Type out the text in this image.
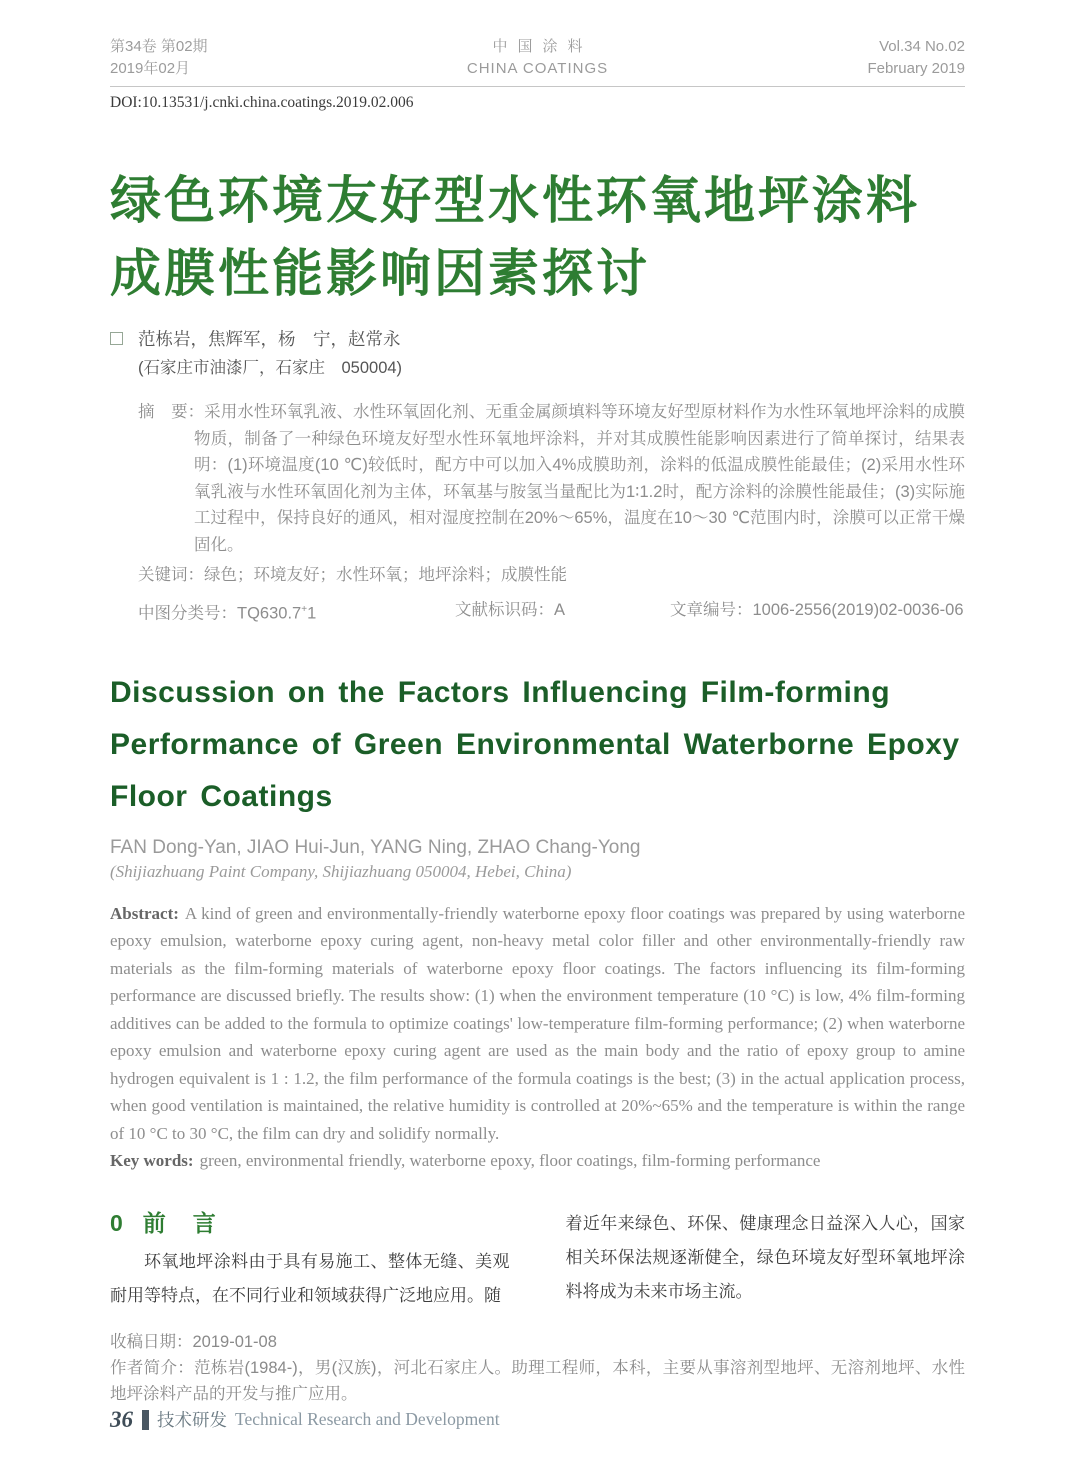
第34卷 第02期
2019年02月
中国涂料
CHINA COATINGS
Vol.34 No.02
February 2019
DOI:10.13531/j.cnki.china.coatings.2019.02.006
绿色环境友好型水性环氧地坪涂料
成膜性能影响因素探讨
范栋岩，焦辉军，杨　宁，赵常永
(石家庄市油漆厂，石家庄　050004)

摘　要：采用水性环氧乳液、水性环氧固化剂、无重金属颜填料等环境友好型原材料作为水性环氧地坪涂料的成膜物质，制备了一种绿色环境友好型水性环氧地坪涂料，并对其成膜性能影响因素进行了简单探讨，结果表明：(1)环境温度(10 ℃)较低时，配方中可以加入4%成膜助剂，涂料的低温成膜性能最佳；(2)采用水性环氧乳液与水性环氧固化剂为主体，环氧基与胺氢当量配比为1∶1.2时，配方涂料的涂膜性能最佳；(3)实际施工过程中，保持良好的通风，相对湿度控制在20%～65%，温度在10～30 ℃范围内时，涂膜可以正常干燥固化。

关键词：绿色；环境友好；水性环氧；地坪涂料；成膜性能

中图分类号：TQ630.7+1	文献标识码：A	文章编号：1006-2556(2019)02-0036-06
Discussion on the Factors Influencing Film-forming
Performance of Green Environmental Waterborne Epoxy
Floor Coatings
FAN Dong-Yan, JIAO Hui-Jun, YANG Ning, ZHAO Chang-Yong
(Shijiazhuang Paint Company, Shijiazhuang 050004, Hebei, China)

Abstract: A kind of green and environmentally-friendly waterborne epoxy floor coatings was prepared by using waterborne epoxy emulsion, waterborne epoxy curing agent, non-heavy metal color filler and other environmentally-friendly raw materials as the film-forming materials of waterborne epoxy floor coatings. The factors influencing its film-forming performance are discussed briefly. The results show: (1) when the environment temperature (10 °C) is low, 4% film-forming additives can be added to the formula to optimize coatings' low-temperature film-forming performance; (2) when waterborne epoxy emulsion and waterborne epoxy curing agent are used as the main body and the ratio of epoxy group to amine hydrogen equivalent is 1 : 1.2, the film performance of the formula coatings is the best; (3) in the actual application process, when good ventilation is maintained, the relative humidity is controlled at 20%~65% and the temperature is within the range of 10 °C to 30 °C, the film can dry and solidify normally.

Key words: green, environmental friendly, waterborne epoxy, floor coatings, film-forming performance

0 前　言

环氧地坪涂料由于具有易施工、整体无缝、美观耐用等特点，在不同行业和领域获得广泛地应用。随

着近年来绿色、环保、健康理念日益深入人心，国家相关环保法规逐渐健全，绿色环境友好型环氧地坪涂料将成为未来市场主流。

收稿日期：2019-01-08

作者简介：范栋岩(1984-)，男(汉族)，河北石家庄人。助理工程师，本科，主要从事溶剂型地坪、无溶剂地坪、水性地坪涂料产品的开发与推广应用。

36 技术研发 Technical Research and Development
